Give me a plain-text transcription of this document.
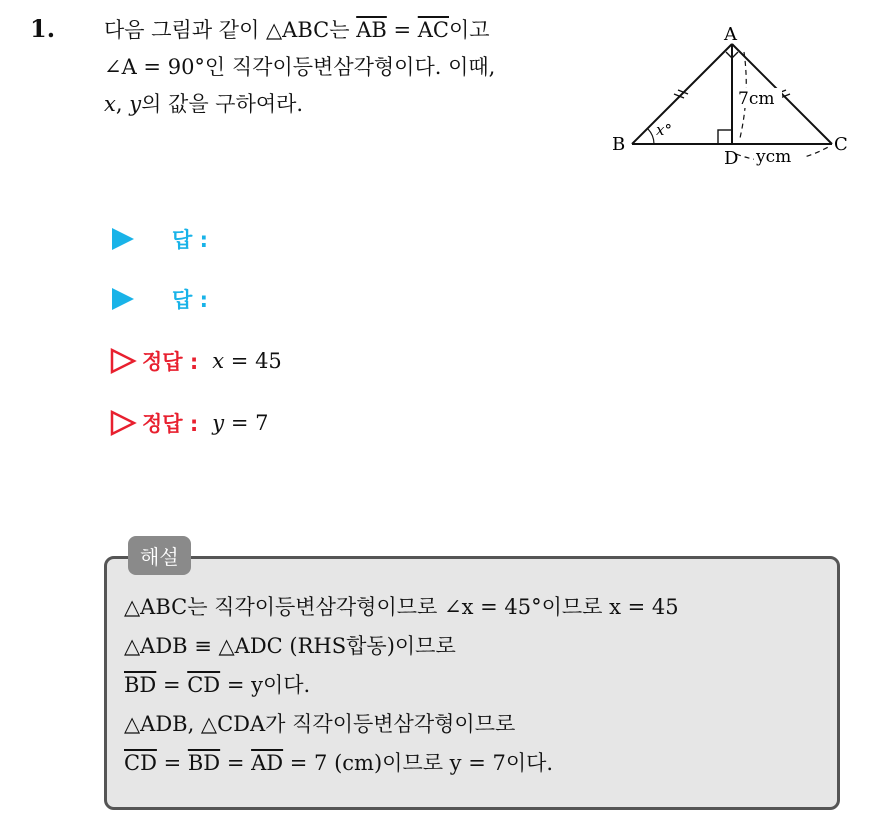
1. 다음 그림과 같이 △ABC는 $\overline{AB} = \overline{AC}$이고
∠A = 90°인 직각이등변삼각형이다. 이때,
x, y의 값을 구하여라.
A
B	C
D
x°
7cm
ycm
답 :
답 :
정답 : x = 45
정답 : y = 7
해설
△ABC는 직각이등변삼각형이므로 ∠x = 45°이므로 x = 45
△ADB ≡ △ADC (RHS합동)이므로
$\overline{BD} = \overline{CD} = y$이다.
△ADB, △CDA가 직각이등변삼각형이므로
$\overline{CD} = \overline{BD} = \overline{AD} = 7$ (cm)이므로 y = 7이다.
